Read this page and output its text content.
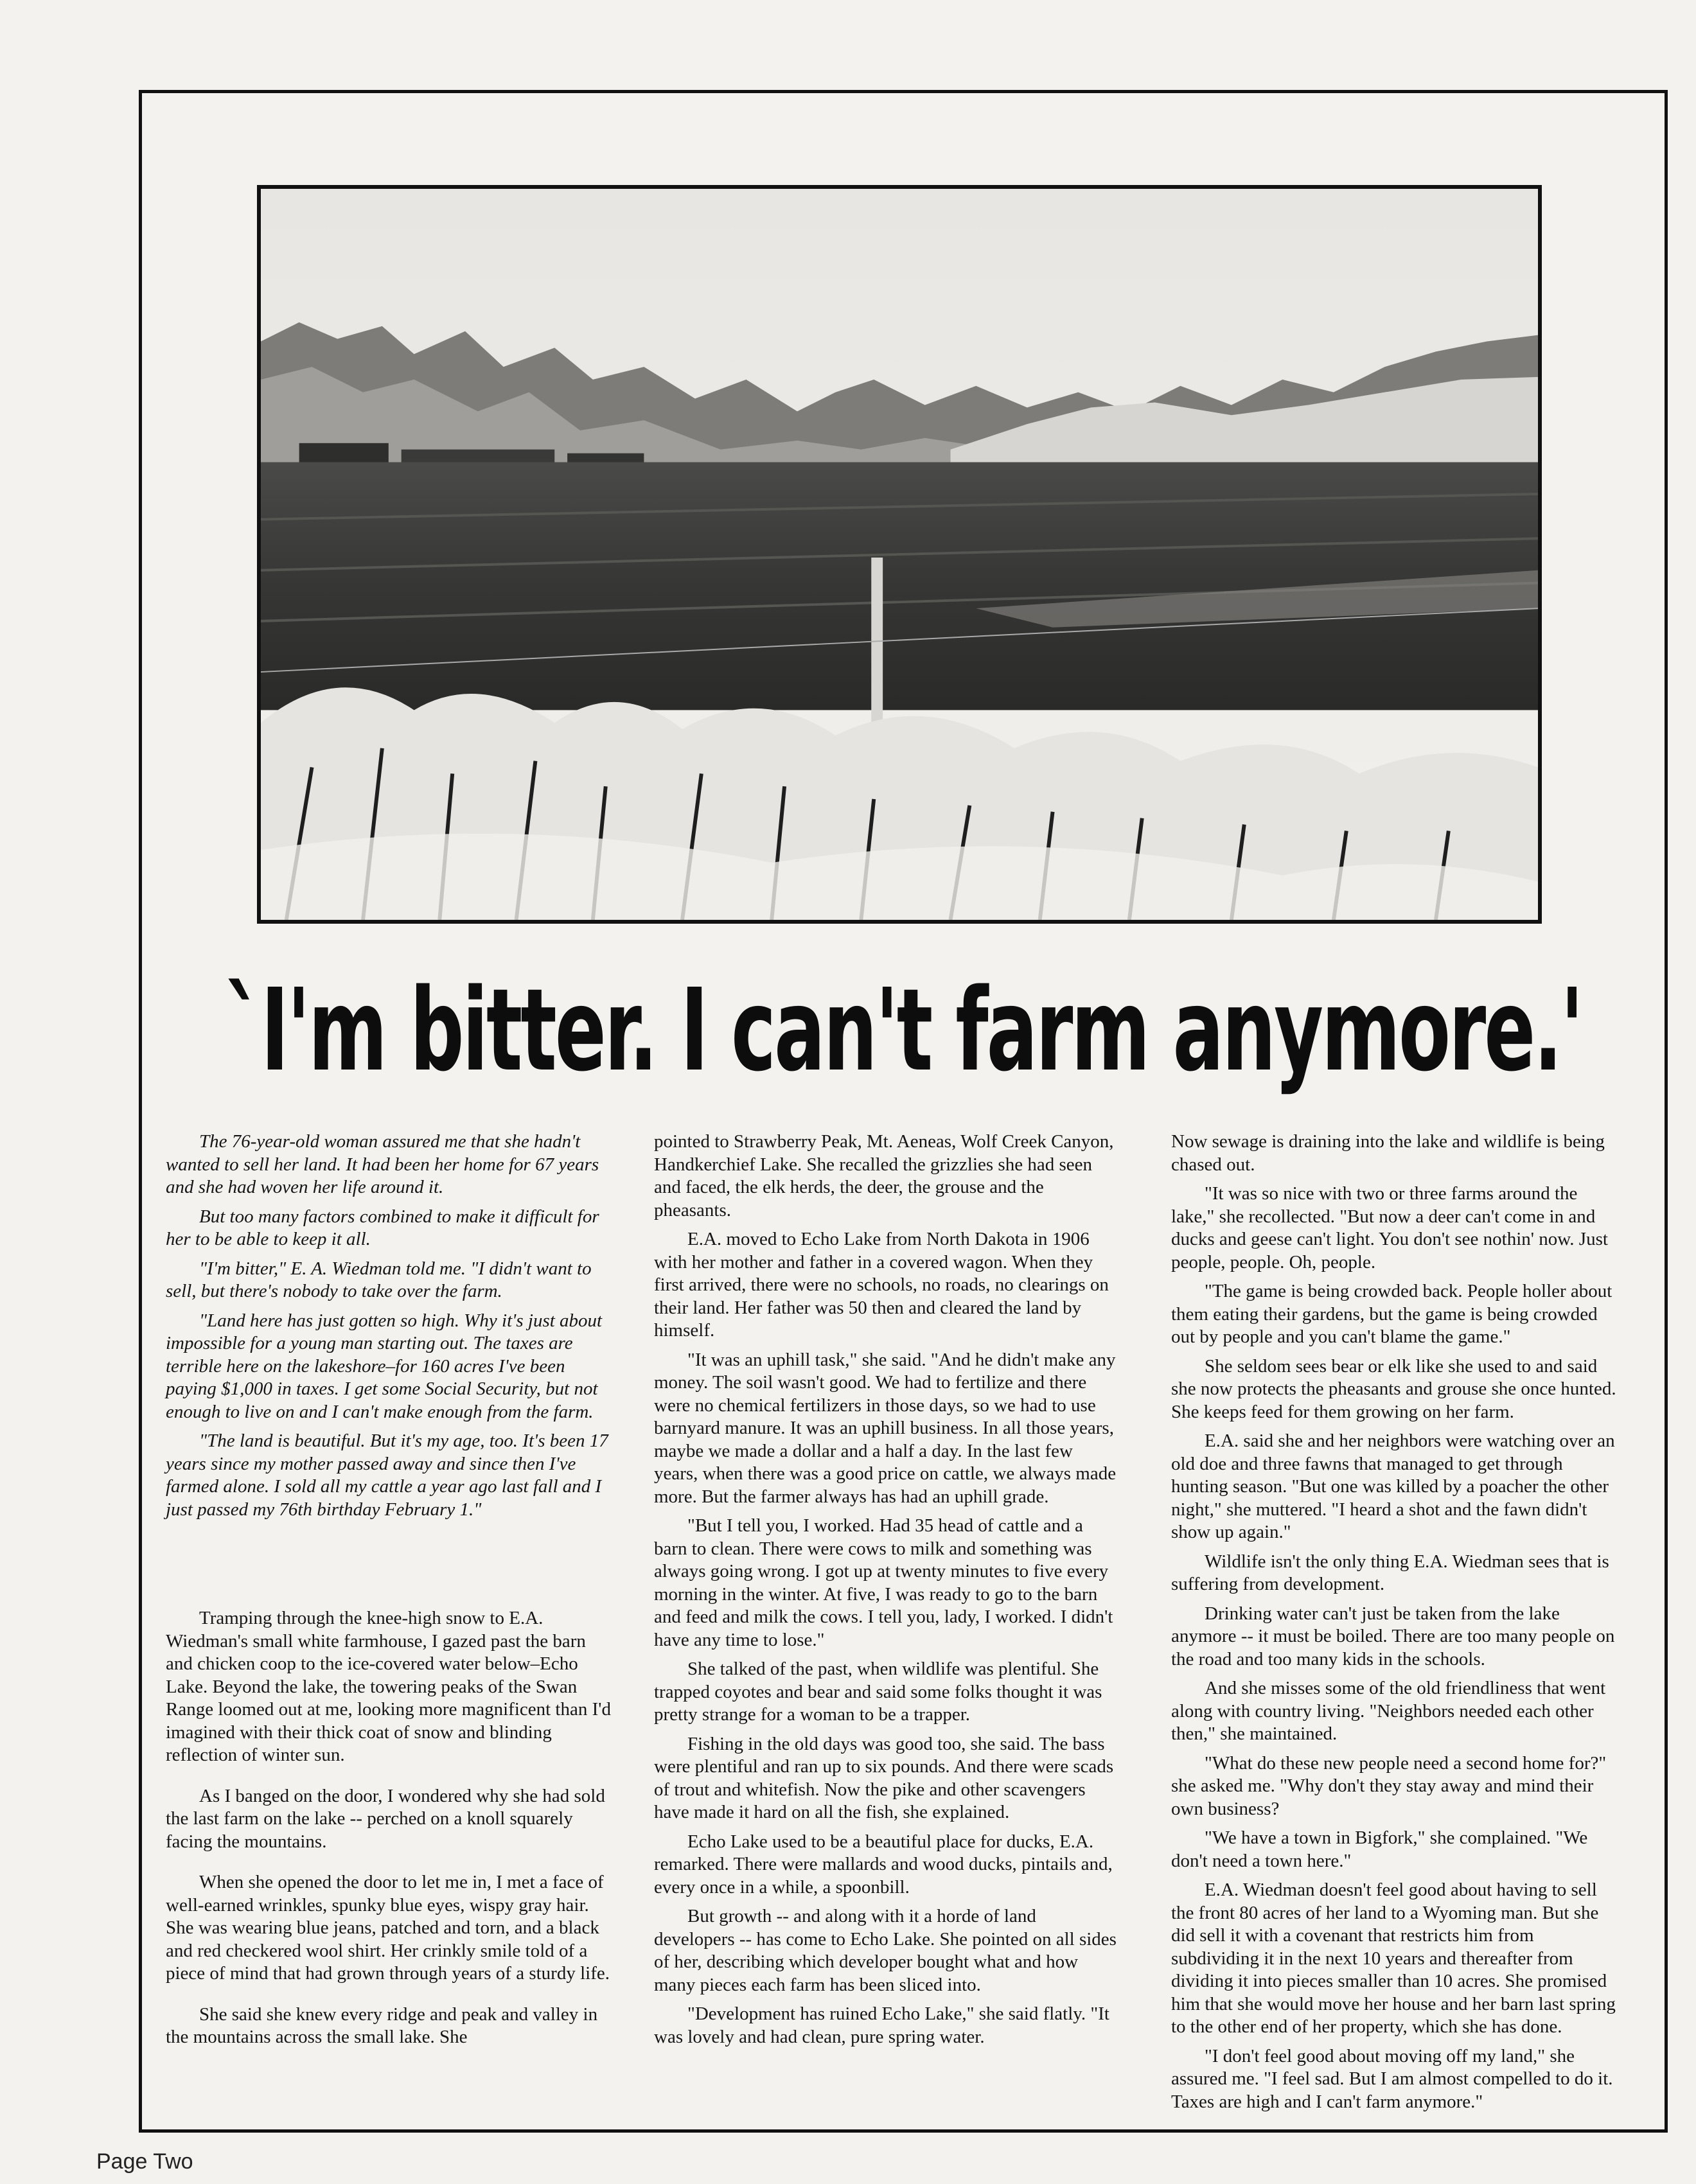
`I'm bitter. I can't farm anymore.'

The 76-year-old woman assured me that she hadn't wanted to sell her land. It had been her home for 67 years and she had woven her life around it.

But too many factors combined to make it difficult for her to be able to keep it all.

"I'm bitter," E. A. Wiedman told me. "I didn't want to sell, but there's nobody to take over the farm.

"Land here has just gotten so high. Why it's just about impossible for a young man starting out. The taxes are terrible here on the lakeshore–for 160 acres I've been paying $1,000 in taxes. I get some Social Security, but not enough to live on and I can't make enough from the farm.

"The land is beautiful. But it's my age, too. It's been 17 years since my mother passed away and since then I've farmed alone. I sold all my cattle a year ago last fall and I just passed my 76th birthday February 1."

Tramping through the knee-high snow to E.A. Wiedman's small white farmhouse, I gazed past the barn and chicken coop to the ice-covered water below–Echo Lake. Beyond the lake, the towering peaks of the Swan Range loomed out at me, looking more magnificent than I'd imagined with their thick coat of snow and blinding reflection of winter sun.

As I banged on the door, I wondered why she had sold the last farm on the lake -- perched on a knoll squarely facing the mountains.

When she opened the door to let me in, I met a face of well-earned wrinkles, spunky blue eyes, wispy gray hair. She was wearing blue jeans, patched and torn, and a black and red checkered wool shirt. Her crinkly smile told of a piece of mind that had grown through years of a sturdy life.

She said she knew every ridge and peak and valley in the mountains across the small lake. She

pointed to Strawberry Peak, Mt. Aeneas, Wolf Creek Canyon, Handkerchief Lake. She recalled the grizzlies she had seen and faced, the elk herds, the deer, the grouse and the pheasants.

E.A. moved to Echo Lake from North Dakota in 1906 with her mother and father in a covered wagon. When they first arrived, there were no schools, no roads, no clearings on their land. Her father was 50 then and cleared the land by himself.

"It was an uphill task," she said. "And he didn't make any money. The soil wasn't good. We had to fertilize and there were no chemical fertilizers in those days, so we had to use barnyard manure. It was an uphill business. In all those years, maybe we made a dollar and a half a day. In the last few years, when there was a good price on cattle, we always made more. But the farmer always has had an uphill grade.

"But I tell you, I worked. Had 35 head of cattle and a barn to clean. There were cows to milk and something was always going wrong. I got up at twenty minutes to five every morning in the winter. At five, I was ready to go to the barn and feed and milk the cows. I tell you, lady, I worked. I didn't have any time to lose."

She talked of the past, when wildlife was plentiful. She trapped coyotes and bear and said some folks thought it was pretty strange for a woman to be a trapper.

Fishing in the old days was good too, she said. The bass were plentiful and ran up to six pounds. And there were scads of trout and whitefish. Now the pike and other scavengers have made it hard on all the fish, she explained.

Echo Lake used to be a beautiful place for ducks, E.A. remarked. There were mallards and wood ducks, pintails and, every once in a while, a spoonbill.

But growth -- and along with it a horde of land developers -- has come to Echo Lake. She pointed on all sides of her, describing which developer bought what and how many pieces each farm has been sliced into.

"Development has ruined Echo Lake," she said flatly. "It was lovely and had clean, pure spring water.

Now sewage is draining into the lake and wildlife is being chased out.

"It was so nice with two or three farms around the lake," she recollected. "But now a deer can't come in and ducks and geese can't light. You don't see nothin' now. Just people, people. Oh, people.

"The game is being crowded back. People holler about them eating their gardens, but the game is being crowded out by people and you can't blame the game."

She seldom sees bear or elk like she used to and said she now protects the pheasants and grouse she once hunted. She keeps feed for them growing on her farm.

E.A. said she and her neighbors were watching over an old doe and three fawns that managed to get through hunting season. "But one was killed by a poacher the other night," she muttered. "I heard a shot and the fawn didn't show up again."

Wildlife isn't the only thing E.A. Wiedman sees that is suffering from development.

Drinking water can't just be taken from the lake anymore -- it must be boiled. There are too many people on the road and too many kids in the schools.

And she misses some of the old friendliness that went along with country living. "Neighbors needed each other then," she maintained.

"What do these new people need a second home for?" she asked me. "Why don't they stay away and mind their own business?

"We have a town in Bigfork," she complained. "We don't need a town here."

E.A. Wiedman doesn't feel good about having to sell the front 80 acres of her land to a Wyoming man. But she did sell it with a covenant that restricts him from subdividing it in the next 10 years and thereafter from dividing it into pieces smaller than 10 acres. She promised him that she would move her house and her barn last spring to the other end of her property, which she has done.

"I don't feel good about moving off my land," she assured me. "I feel sad. But I am almost compelled to do it. Taxes are high and I can't farm anymore."

Page Two
